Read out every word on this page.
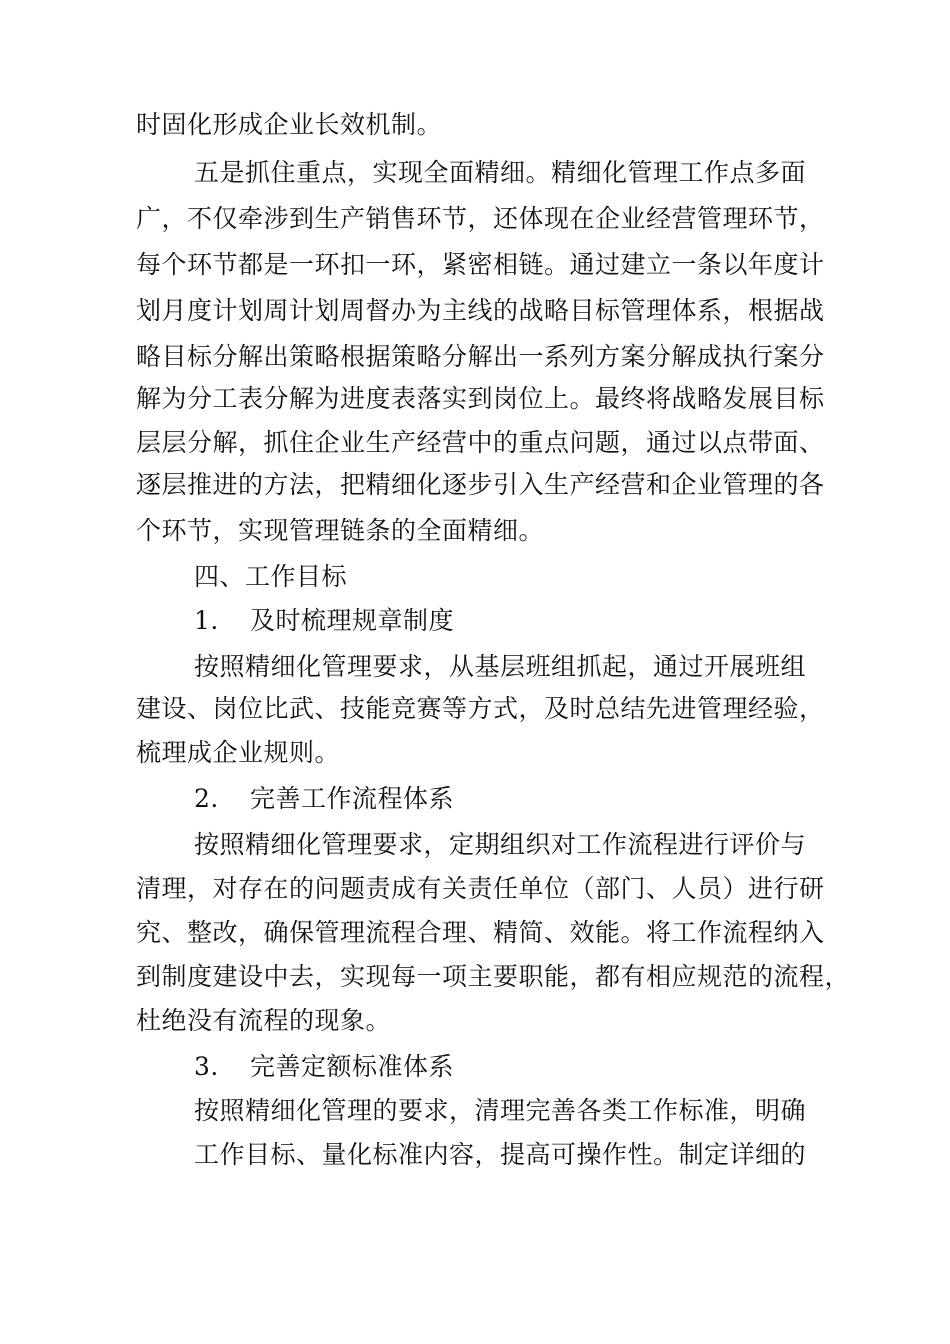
时固化形成企业长效机制。
五是抓住重点，实现全面精细。精细化管理工作点多面
广，不仅牵涉到生产销售环节，还体现在企业经营管理环节，
每个环节都是一环扣一环，紧密相链。通过建立一条以年度计
划月度计划周计划周督办为主线的战略目标管理体系，根据战
略目标分解出策略根据策略分解出一系列方案分解成执行案分
解为分工表分解为进度表落实到岗位上。最终将战略发展目标
层层分解，抓住企业生产经营中的重点问题，通过以点带面、
逐层推进的方法，把精细化逐步引入生产经营和企业管理的各
个环节，实现管理链条的全面精细。
四、工作目标
1. 及时梳理规章制度
按照精细化管理要求，从基层班组抓起，通过开展班组
建设、岗位比武、技能竞赛等方式，及时总结先进管理经验，
梳理成企业规则。
2. 完善工作流程体系
按照精细化管理要求，定期组织对工作流程进行评价与
清理，对存在的问题责成有关责任单位（部门、人员）进行研
究、整改，确保管理流程合理、精简、效能。将工作流程纳入
到制度建设中去，实现每一项主要职能，都有相应规范的流程，
杜绝没有流程的现象。
3. 完善定额标准体系
按照精细化管理的要求，清理完善各类工作标准，明确
工作目标、量化标准内容，提高可操作性。制定详细的
